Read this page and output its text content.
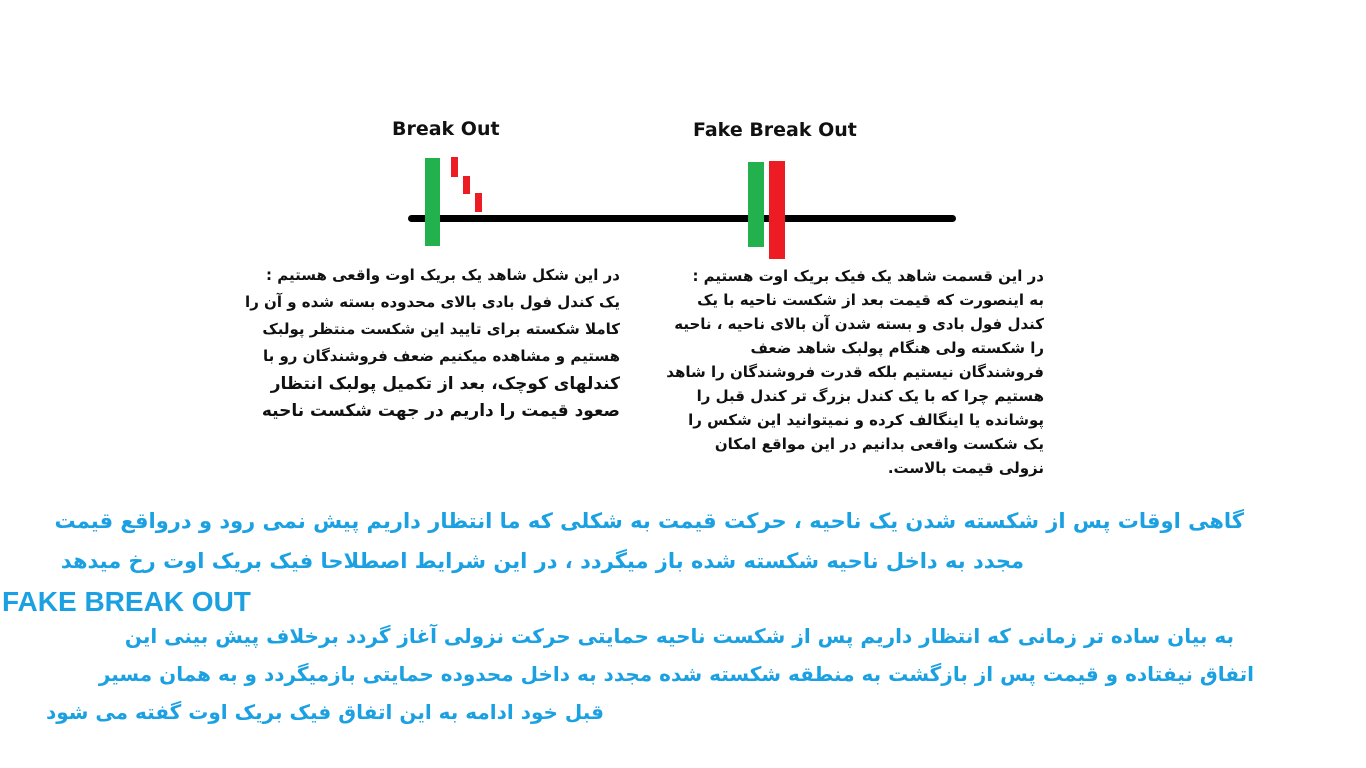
Break Out	Fake Break Out
در این شکل شاهد یک بریک اوت واقعی هستیم :
یک کندل فول بادی بالای محدوده بسته شده و آن را
کاملا شکسته برای تایید این شکست منتظر پولبک
هستیم و مشاهده میکنیم ضعف فروشندگان رو با
کندلهای کوچک، بعد از تکمیل پولبک انتظار
صعود قیمت را داریم در جهت شکست ناحیه
در این قسمت شاهد یک فیک بریک اوت هستیم :
به اینصورت که قیمت بعد از شکست ناحیه با یک
کندل فول بادی و بسته شدن آن بالای ناحیه ، ناحیه
را شکسته ولی هنگام پولبک شاهد ضعف
فروشندگان نیستیم بلکه قدرت فروشندگان را شاهد
هستیم چرا که با یک کندل بزرگ تر کندل قبل را
پوشانده یا اینگالف کرده و نمیتوانید این شکس را
یک شکست واقعی بدانیم در این مواقع امکان
نزولی قیمت بالاست.
گاهی اوقات پس از شکسته شدن یک ناحیه ، حرکت قیمت به شکلی که ما انتظار داریم پیش نمی رود و درواقع قیمت
مجدد به داخل ناحیه شکسته شده باز میگردد ، در این شرایط اصطلاحا فیک بریک اوت رخ میدهد
FAKE BREAK OUT
به بیان ساده تر زمانی که انتظار داریم پس از شکست ناحیه حمایتی حرکت نزولی آغاز گردد برخلاف پیش بینی این
اتفاق نیفتاده و قیمت پس از بازگشت به منطقه شکسته شده مجدد به داخل محدوده حمایتی بازمیگردد و به همان مسیر
قبل خود ادامه به این اتفاق فیک بریک اوت گفته می شود
